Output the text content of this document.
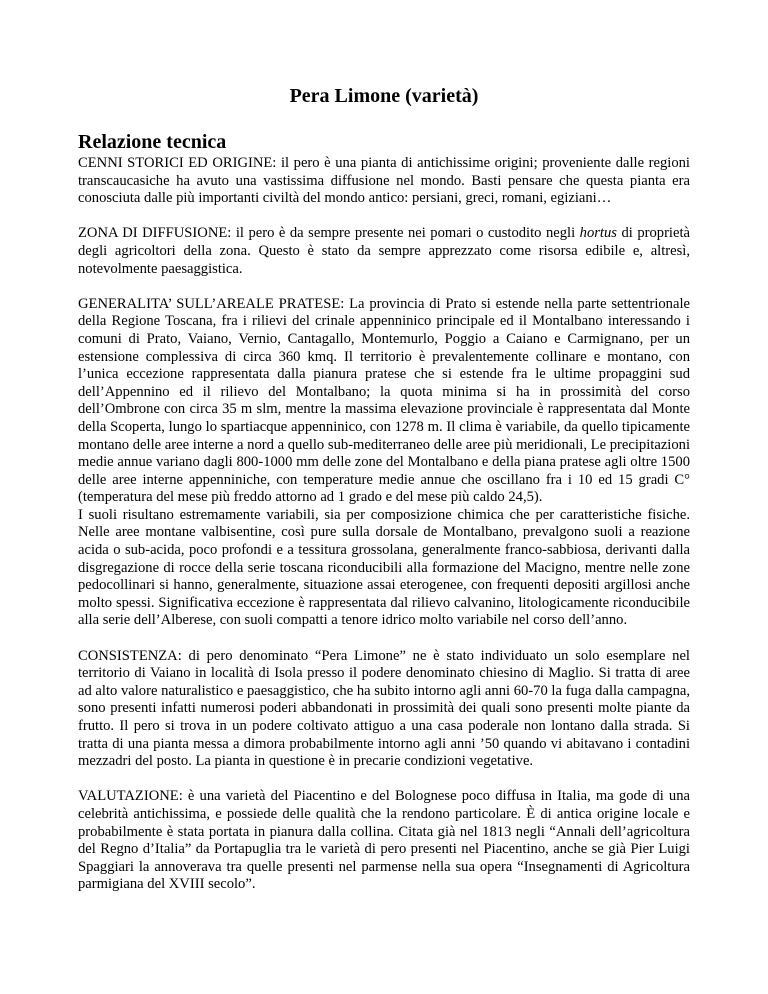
Pera Limone (varietà)
Relazione tecnica

CENNI STORICI ED ORIGINE: il pero è una pianta di antichissime origini; proveniente dalle regioni transcaucasiche ha avuto una vastissima diffusione nel mondo. Basti pensare che questa pianta era conosciuta dalle più importanti civiltà del mondo antico: persiani, greci, romani, egiziani…

ZONA DI DIFFUSIONE: il pero è da sempre presente nei pomari o custodito negli hortus di proprietà degli agricoltori della zona. Questo è stato da sempre apprezzato come risorsa edibile e, altresì, notevolmente paesaggistica.

GENERALITA’ SULL’AREALE PRATESE: La provincia di Prato si estende nella parte settentrionale della Regione Toscana, fra i rilievi del crinale appenninico principale ed il Montalbano interessando i comuni di Prato, Vaiano, Vernio, Cantagallo, Montemurlo, Poggio a Caiano e Carmignano, per un estensione complessiva di circa 360 kmq. Il territorio è prevalentemente collinare e montano, con l’unica eccezione rappresentata dalla pianura pratese che si estende fra le ultime propaggini sud dell’Appennino ed il rilievo del Montalbano; la quota minima si ha in prossimità del corso dell’Ombrone con circa 35 m slm, mentre la massima elevazione provinciale è rappresentata dal Monte della Scoperta, lungo lo spartiacque appenninico, con 1278 m. Il clima è variabile, da quello tipicamente montano delle aree interne a nord a quello sub-mediterraneo delle aree più meridionali, Le precipitazioni medie annue variano dagli 800-1000 mm delle zone del Montalbano e della piana pratese agli oltre 1500 delle aree interne appenniniche, con temperature medie annue che oscillano fra i 10 ed 15 gradi C° (temperatura del mese più freddo attorno ad 1 grado e del mese più caldo 24,5).

I suoli risultano estremamente variabili, sia per composizione chimica che per caratteristiche fisiche. Nelle aree montane valbisentine, così pure sulla dorsale de Montalbano, prevalgono suoli a reazione acida o sub-acida, poco profondi e a tessitura grossolana, generalmente franco-sabbiosa, derivanti dalla disgregazione di rocce della serie toscana riconducibili alla formazione del Macigno, mentre nelle zone pedocollinari si hanno, generalmente, situazione assai eterogenee, con frequenti depositi argillosi anche molto spessi. Significativa eccezione è rappresentata dal rilievo calvanino, litologicamente riconducibile alla serie dell’Alberese, con suoli compatti a tenore idrico molto variabile nel corso dell’anno.

CONSISTENZA: di pero denominato “Pera Limone” ne è stato individuato un solo esemplare nel territorio di Vaiano in località di Isola presso il podere denominato chiesino di Maglio. Si tratta di aree ad alto valore naturalistico e paesaggistico, che ha subito intorno agli anni 60-70 la fuga dalla campagna, sono presenti infatti numerosi poderi abbandonati in prossimità dei quali sono presenti molte piante da frutto. Il pero si trova in un podere coltivato attiguo a una casa poderale non lontano dalla strada. Si tratta di una pianta messa a dimora probabilmente intorno agli anni ’50 quando vi abitavano i contadini mezzadri del posto. La pianta in questione è in precarie condizioni vegetative.

VALUTAZIONE: è una varietà del Piacentino e del Bolognese poco diffusa in Italia, ma gode di una celebrità antichissima, e possiede delle qualità che la rendono particolare. È di antica origine locale e probabilmente è stata portata in pianura dalla collina. Citata già nel 1813 negli “Annali dell’agricoltura del Regno d’Italia” da Portapuglia tra le varietà di pero presenti nel Piacentino, anche se già Pier Luigi Spaggiari la annoverava tra quelle presenti nel parmense nella sua opera “Insegnamenti di Agricoltura parmigiana del XVIII secolo”.
